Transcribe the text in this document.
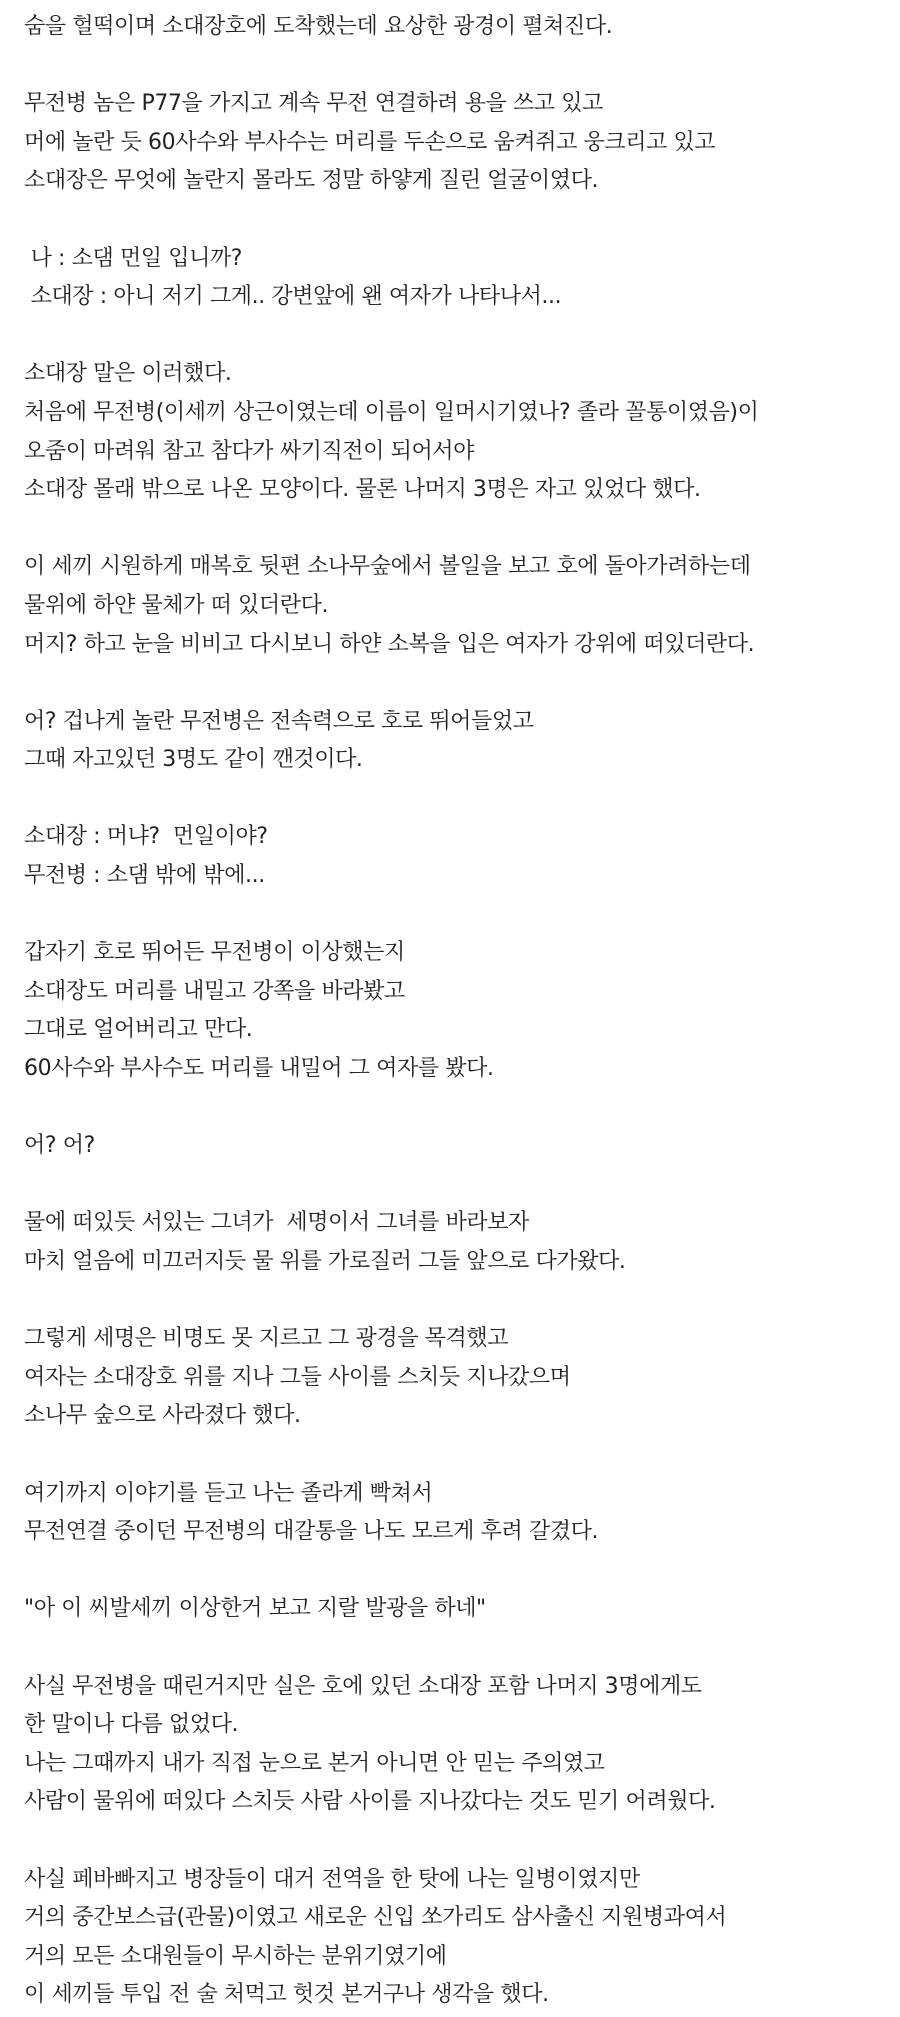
숨을 헐떡이며 소대장호에 도착했는데 요상한 광경이 펼쳐진다.
무전병 놈은 P77을 가지고 계속 무전 연결하려 용을 쓰고 있고
머에 놀란 듯 60사수와 부사수는 머리를 두손으로 움켜쥐고 웅크리고 있고
소대장은 무엇에 놀란지 몰라도 정말 하얗게 질린 얼굴이였다.
나 : 소댐 먼일 입니까?
소대장 : 아니 저기 그게.. 강변앞에 왠 여자가 나타나서...
소대장 말은 이러했다.
처음에 무전병(이세끼 상근이였는데 이름이 일머시기였나? 졸라 꼴통이였음)이
오줌이 마려워 참고 참다가 싸기직전이 되어서야
소대장 몰래 밖으로 나온 모양이다. 물론 나머지 3명은 자고 있었다 했다.
이 세끼 시원하게 매복호 뒷편 소나무숲에서 볼일을 보고 호에 돌아가려하는데
물위에 하얀 물체가 떠 있더란다.
머지? 하고 눈을 비비고 다시보니 하얀 소복을 입은 여자가 강위에 떠있더란다.
어? 겁나게 놀란 무전병은 전속력으로 호로 뛰어들었고
그때 자고있던 3명도 같이 깬것이다.
소대장 : 머냐?  먼일이야?
무전병 : 소댐 밖에 밖에...
갑자기 호로 뛰어든 무전병이 이상했는지
소대장도 머리를 내밀고 강쪽을 바라봤고
그대로 얼어버리고 만다.
60사수와 부사수도 머리를 내밀어 그 여자를 봤다.
어? 어?
물에 떠있듯 서있는 그녀가  세명이서 그녀를 바라보자
마치 얼음에 미끄러지듯 물 위를 가로질러 그들 앞으로 다가왔다.
그렇게 세명은 비명도 못 지르고 그 광경을 목격했고
여자는 소대장호 위를 지나 그들 사이를 스치듯 지나갔으며
소나무 숲으로 사라졌다 했다.
여기까지 이야기를 듣고 나는 졸라게 빡쳐서
무전연결 중이던 무전병의 대갈통을 나도 모르게 후려 갈겼다.
"아 이 씨발세끼 이상한거 보고 지랄 발광을 하네"
사실 무전병을 때린거지만 실은 호에 있던 소대장 포함 나머지 3명에게도
한 말이나 다름 없었다.
나는 그때까지 내가 직접 눈으로 본거 아니면 안 믿는 주의였고
사람이 물위에 떠있다 스치듯 사람 사이를 지나갔다는 것도 믿기 어려웠다.
사실 페바빠지고 병장들이 대거 전역을 한 탓에 나는 일병이였지만
거의 중간보스급(관물)이였고 새로운 신입 쏘가리도 삼사출신 지원병과여서
거의 모든 소대원들이 무시하는 분위기였기에
이 세끼들 투입 전 술 처먹고 헛것 본거구나 생각을 했다.
